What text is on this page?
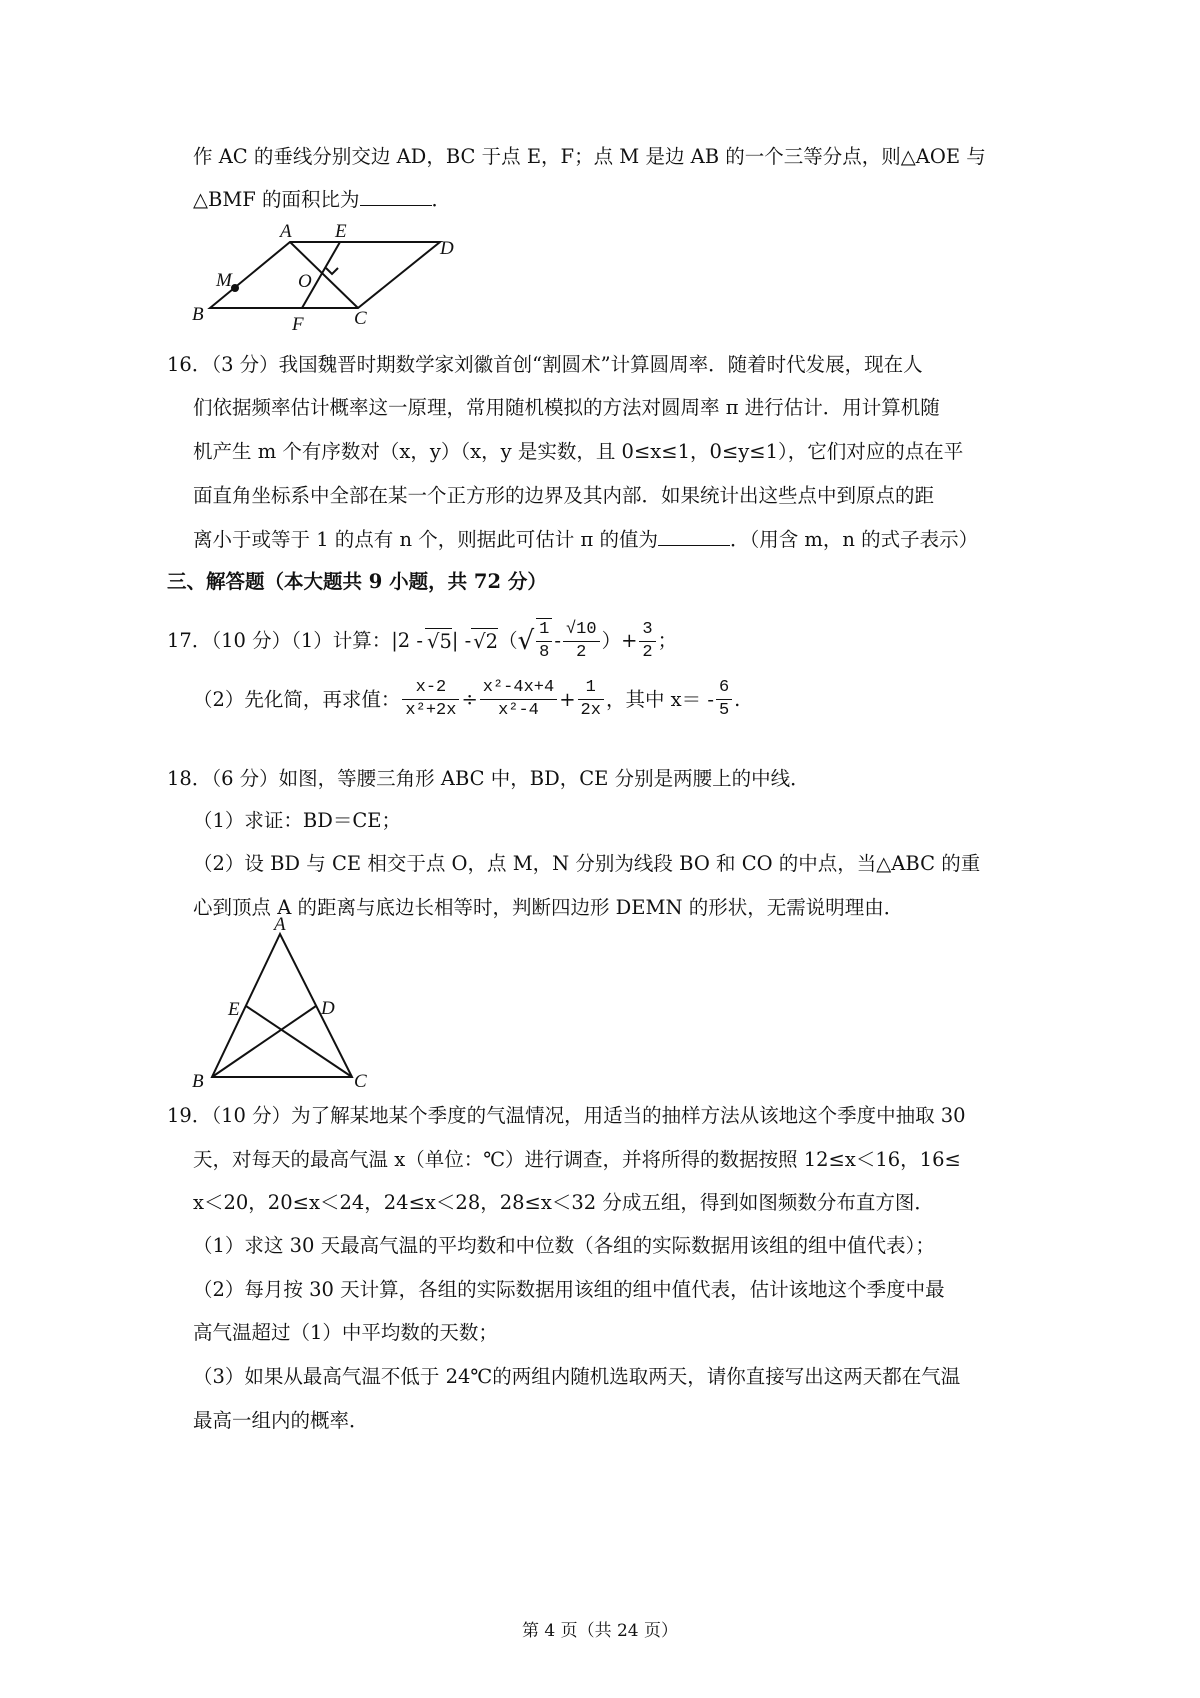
作 AC 的垂线分别交边 AD，BC 于点 E，F；点 M 是边 AB 的一个三等分点，则△AOE 与
△BMF 的面积比为	．
A E
D
M	O
B	F	C
16．（3 分）我国魏晋时期数学家刘徽首创“割圆术”计算圆周率．随着时代发展，现在人
们依据频率估计概率这一原理，常用随机模拟的方法对圆周率 π 进行估计．用计算机随
机产生 m 个有序数对（x，y）（x，y 是实数，且 0≤x≤1，0≤y≤1），它们对应的点在平
面直角坐标系中全部在某一个正方形的边界及其内部．如果统计出这些点中到原点的距
离小于或等于 1 的点有 n 个，则据此可估计 π 的值为	．（用含 m，n 的式子表示）
三、解答题（本大题共 9 小题，共 72 分）
17．（10 分）（1）计算：|2 - √5 | - √2 （ √ $\frac{1}{8} - \frac{√10}{2}$ ）+ $\frac{3}{2}$ ；
（2）先化简，再求值： $\frac{x-2}{\text{x²+2x}} \div \frac{\text{x²-4x+4}}{\text{x²-4}} + \frac{1}{2x}$ ，其中 $x= - \frac{6}{5}$ .
18．（6 分）如图，等腰三角形 ABC 中，BD，CE 分别是两腰上的中线．
（1）求证：BD＝CE；
（2）设 BD 与 CE 相交于点 O，点 M，N 分别为线段 BO 和 CO 的中点，当△ABC 的重
心到顶点 A 的距离与底边长相等时，判断四边形 DEMN 的形状，无需说明理由．
A
E	D
B	C
19．（10 分）为了解某地某个季度的气温情况，用适当的抽样方法从该地这个季度中抽取 30
天，对每天的最高气温 x（单位：℃）进行调查，并将所得的数据按照 12≤x＜16，16≤
x＜20，20≤x＜24，24≤x＜28，28≤x＜32 分成五组，得到如图频数分布直方图．
（1）求这 30 天最高气温的平均数和中位数（各组的实际数据用该组的组中值代表）；
（2）每月按 30 天计算，各组的实际数据用该组的组中值代表，估计该地这个季度中最
高气温超过（1）中平均数的天数；
（3）如果从最高气温不低于 24℃的两组内随机选取两天，请你直接写出这两天都在气温
最高一组内的概率．
第 4 页（共 24 页）
